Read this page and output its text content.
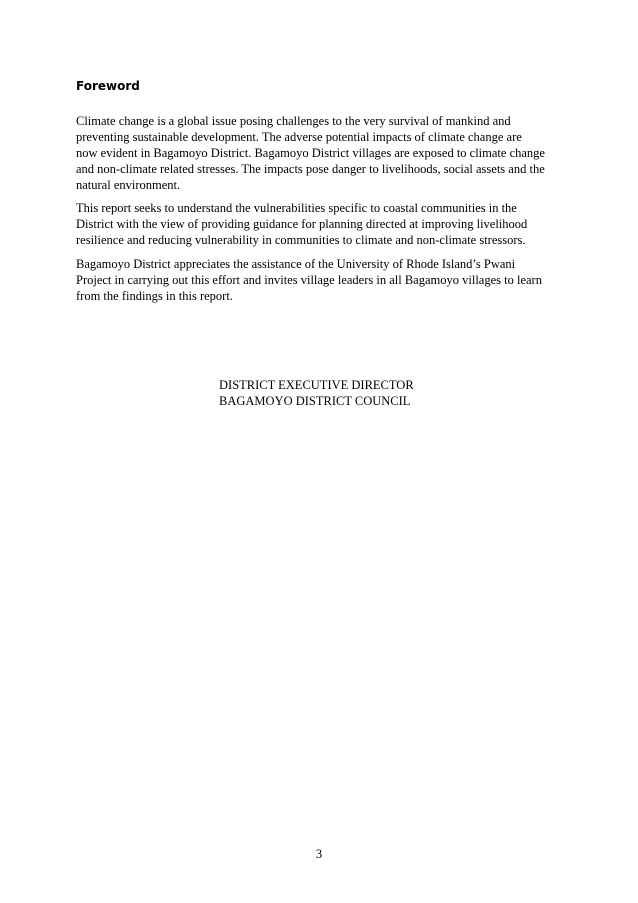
Foreword

Climate change is a global issue posing challenges to the very survival of mankind and
preventing sustainable development. The adverse potential impacts of climate change are
now evident in Bagamoyo District. Bagamoyo District villages are exposed to climate change
and non-climate related stresses. The impacts pose danger to livelihoods, social assets and the
natural environment.

This report seeks to understand the vulnerabilities specific to coastal communities in the
District with the view of providing guidance for planning directed at improving livelihood
resilience and reducing vulnerability in communities to climate and non-climate stressors.

Bagamoyo District appreciates the assistance of the University of Rhode Island’s Pwani
Project in carrying out this effort and invites village leaders in all Bagamoyo villages to learn
from the findings in this report.

DISTRICT EXECUTIVE DIRECTOR
BAGAMOYO DISTRICT COUNCIL

3
